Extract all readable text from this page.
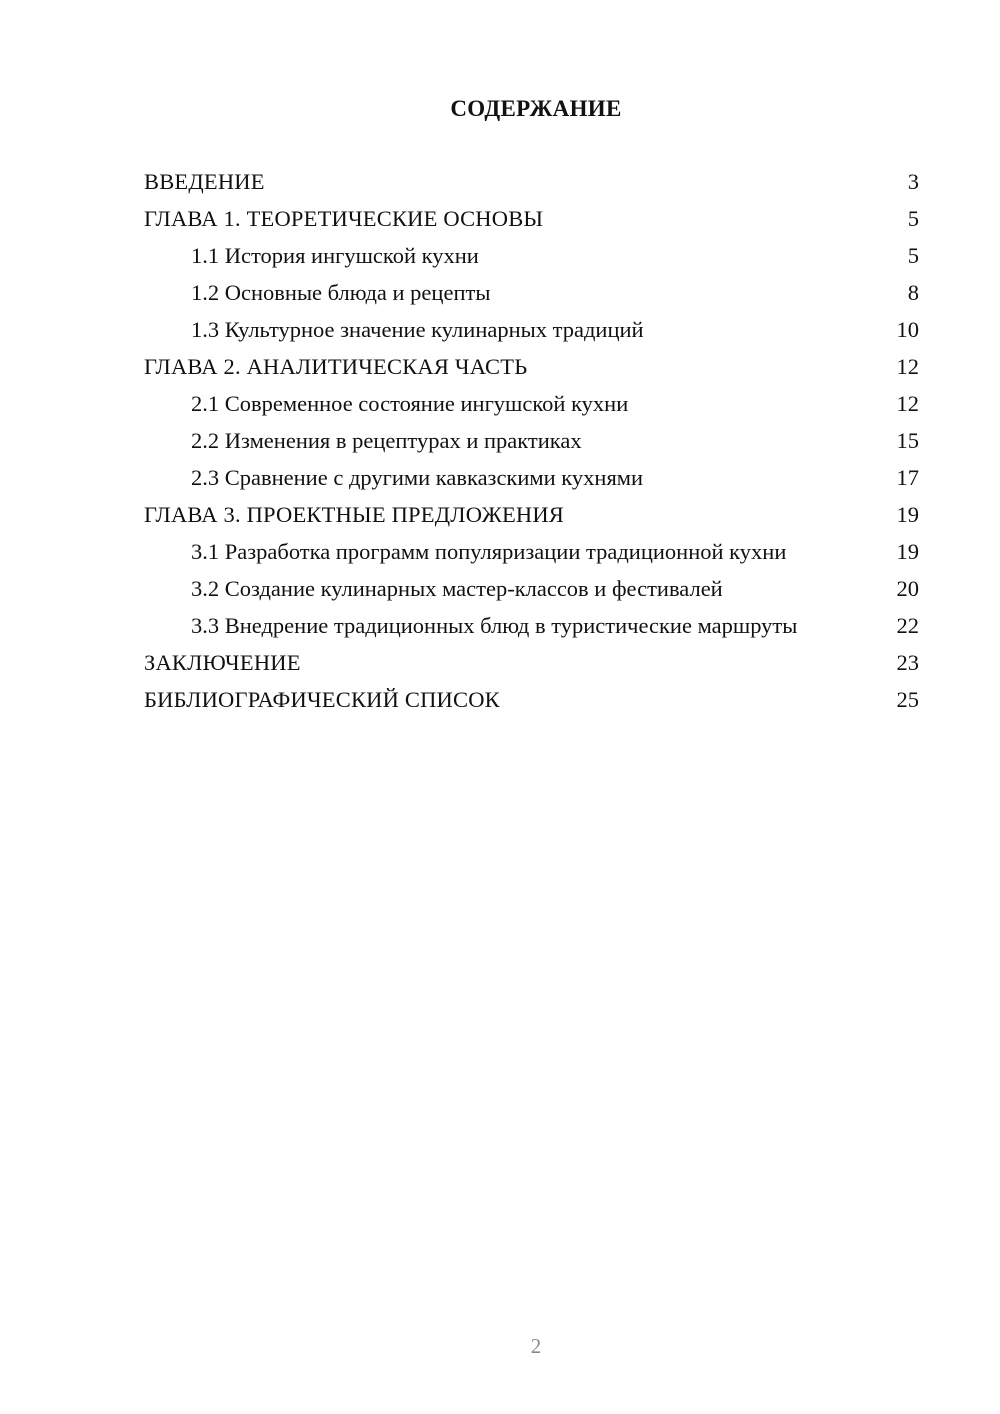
СОДЕРЖАНИЕ
ВВЕДЕНИЕ	3
ГЛАВА 1. ТЕОРЕТИЧЕСКИЕ ОСНОВЫ	5
1.1 История ингушской кухни	5
1.2 Основные блюда и рецепты	8
1.3 Культурное значение кулинарных традиций	10
ГЛАВА 2. АНАЛИТИЧЕСКАЯ ЧАСТЬ	12
2.1 Современное состояние ингушской кухни	12
2.2 Изменения в рецептурах и практиках	15
2.3 Сравнение с другими кавказскими кухнями	17
ГЛАВА 3. ПРОЕКТНЫЕ ПРЕДЛОЖЕНИЯ	19
3.1 Разработка программ популяризации традиционной кухни	19
3.2 Создание кулинарных мастер-классов и фестивалей	20
3.3 Внедрение традиционных блюд в туристические маршруты	22
ЗАКЛЮЧЕНИЕ	23
БИБЛИОГРАФИЧЕСКИЙ СПИСОК	25
2
